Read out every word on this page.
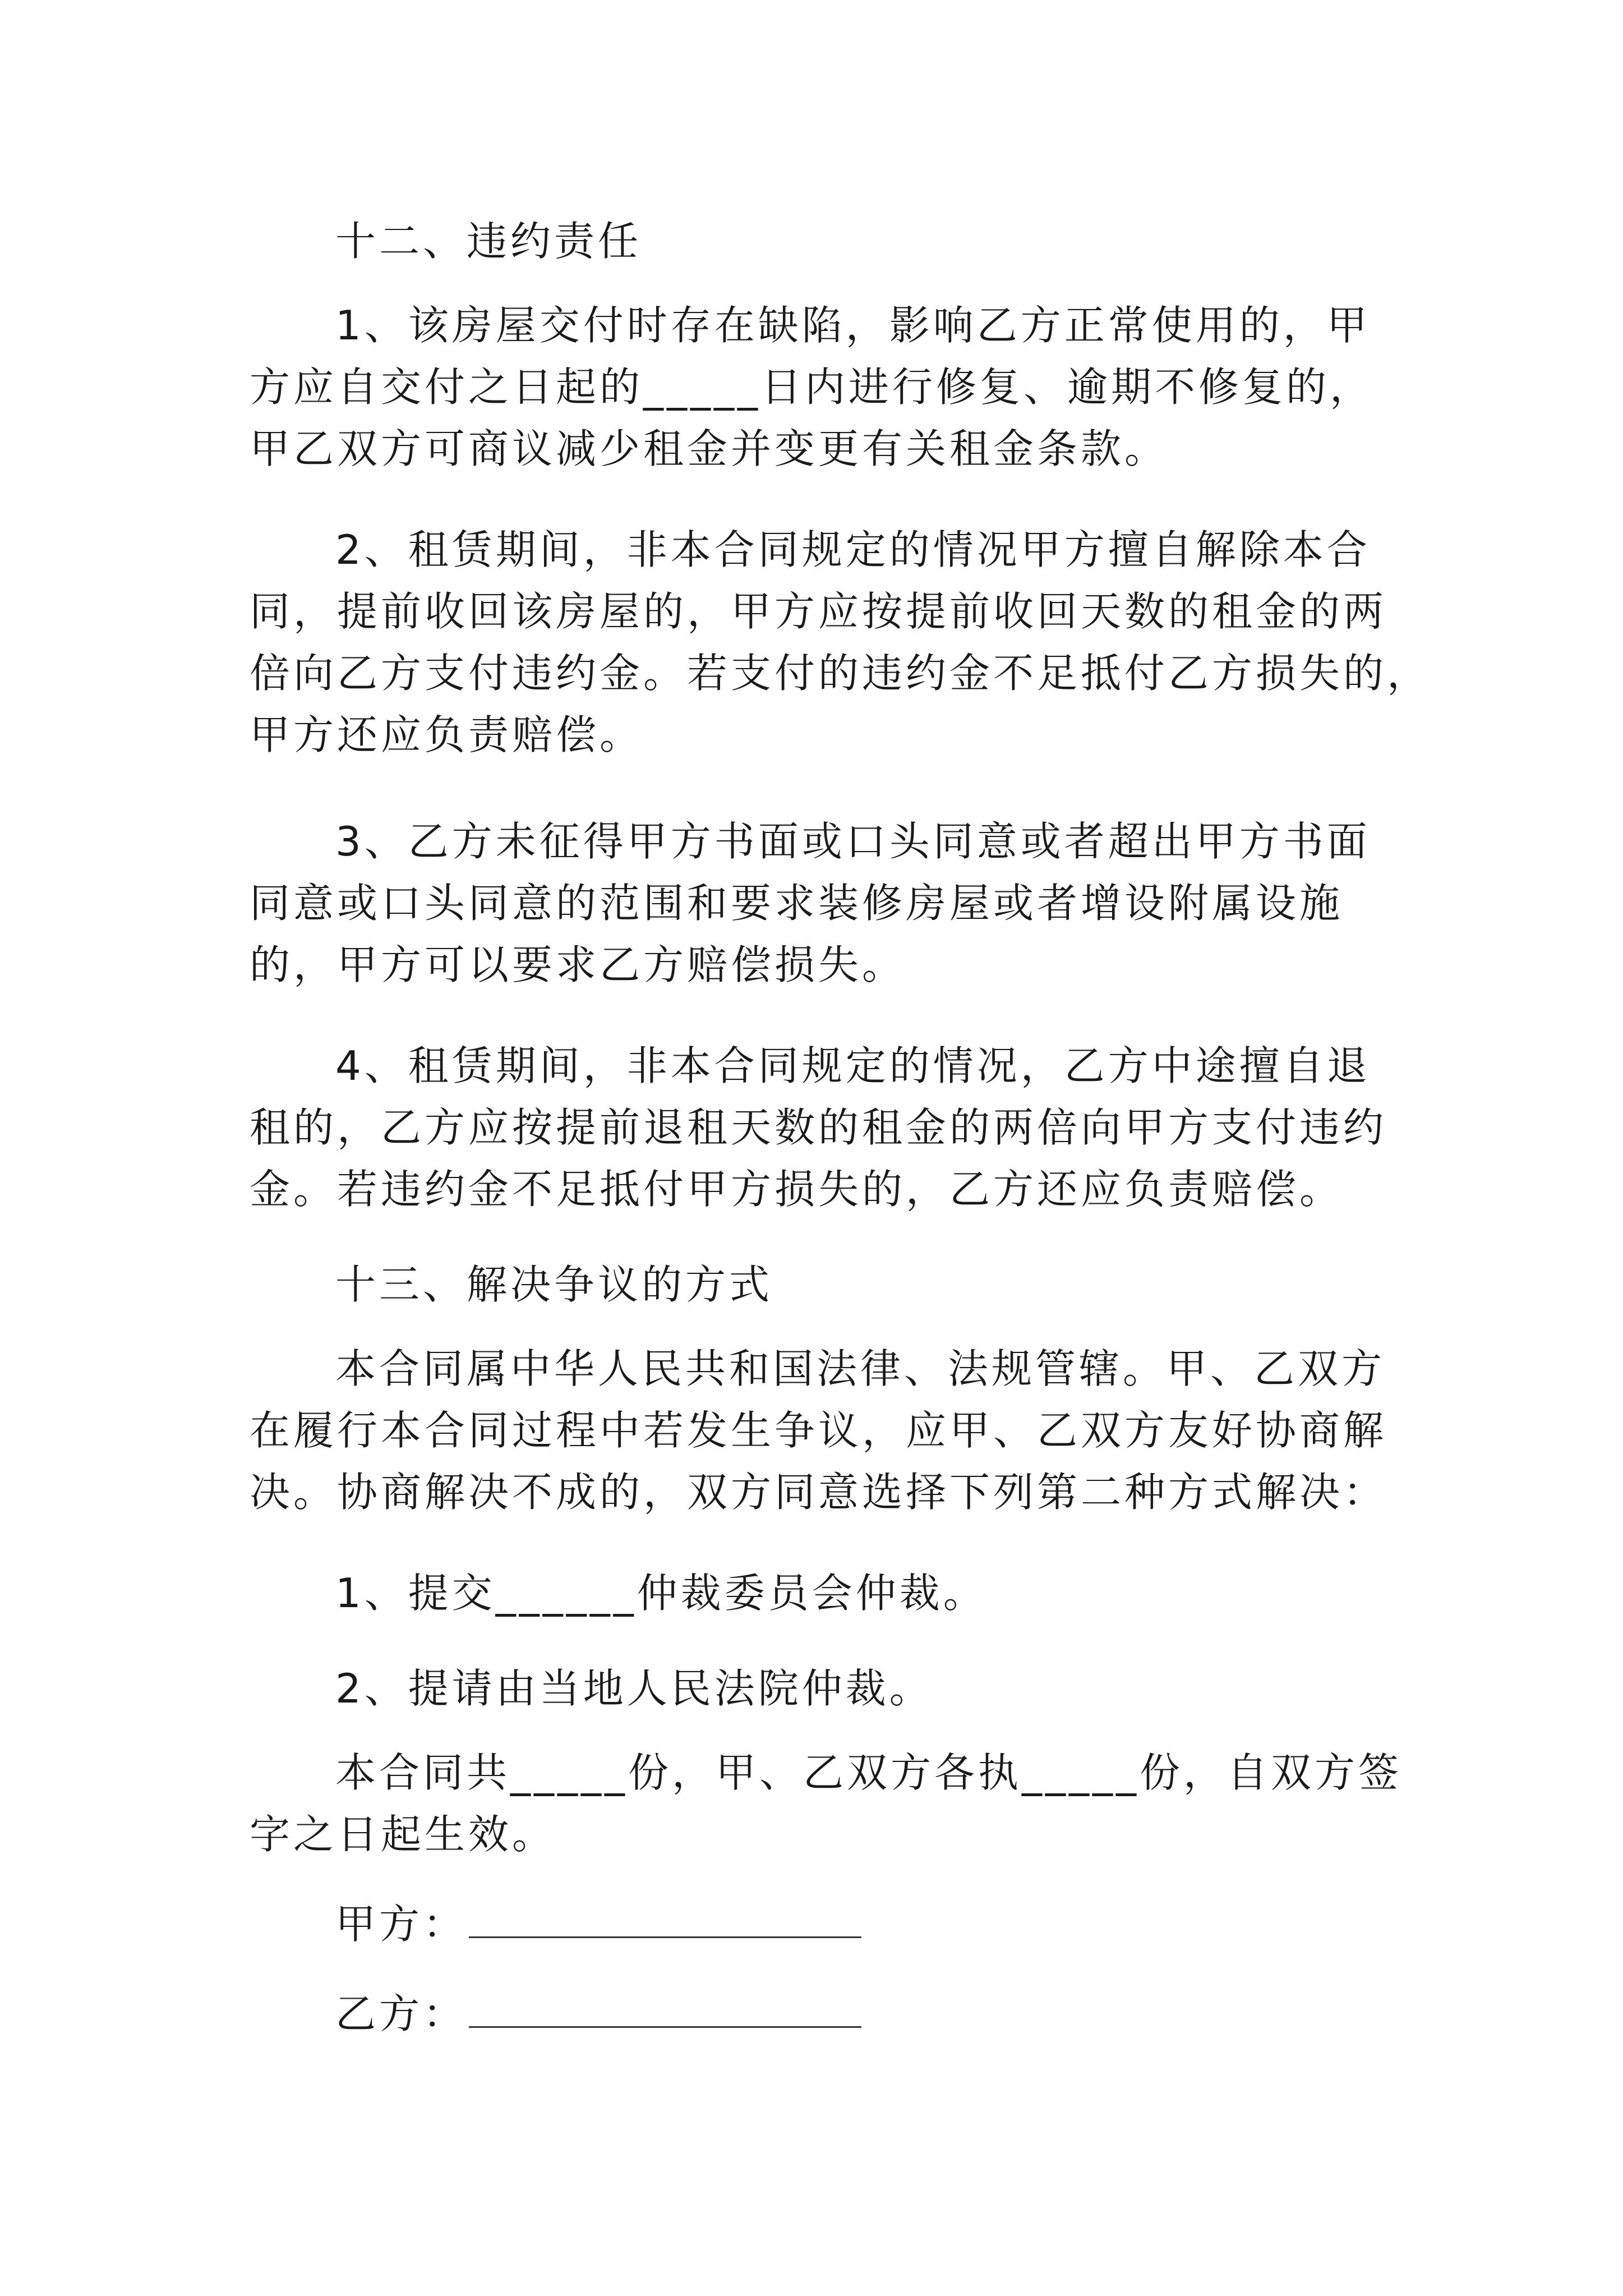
十二、违约责任
1、该房屋交付时存在缺陷，影响乙方正常使用的，甲
方应自交付之日起的_____日内进行修复、逾期不修复的，
甲乙双方可商议减少租金并变更有关租金条款。
2、租赁期间，非本合同规定的情况甲方擅自解除本合
同，提前收回该房屋的，甲方应按提前收回天数的租金的两
倍向乙方支付违约金。若支付的违约金不足抵付乙方损失的，
甲方还应负责赔偿。
3、乙方未征得甲方书面或口头同意或者超出甲方书面
同意或口头同意的范围和要求装修房屋或者增设附属设施
的，甲方可以要求乙方赔偿损失。
4、租赁期间，非本合同规定的情况，乙方中途擅自退
租的，乙方应按提前退租天数的租金的两倍向甲方支付违约
金。若违约金不足抵付甲方损失的，乙方还应负责赔偿。
十三、解决争议的方式
本合同属中华人民共和国法律、法规管辖。甲、乙双方
在履行本合同过程中若发生争议，应甲、乙双方友好协商解
决。协商解决不成的，双方同意选择下列第二种方式解决：
1、提交______仲裁委员会仲裁。
2、提请由当地人民法院仲裁。
本合同共_____份，甲、乙双方各执_____份，自双方签
字之日起生效。
甲方：
乙方：
